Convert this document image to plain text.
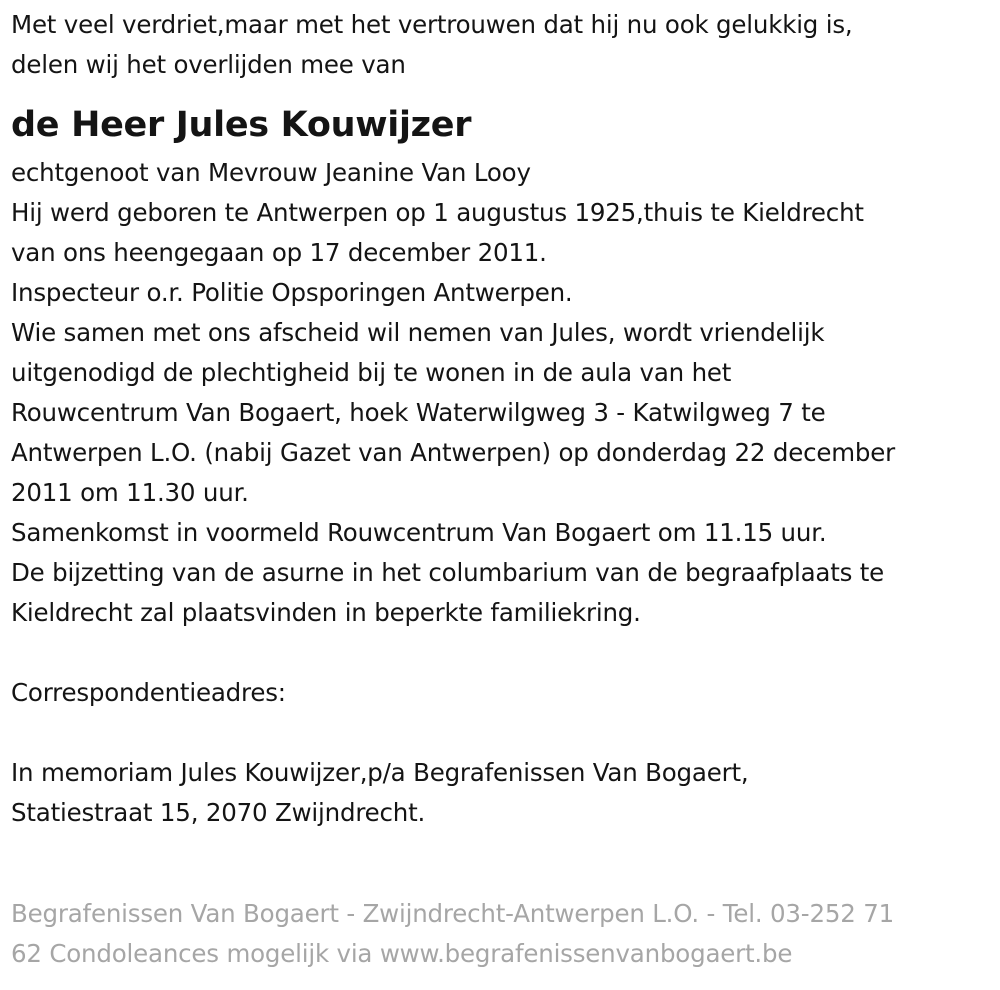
Met veel verdriet,maar met het vertrouwen dat hij nu ook gelukkig is,
delen wij het overlijden mee van
de Heer Jules Kouwijzer
echtgenoot van Mevrouw Jeanine Van Looy
Hij werd geboren te Antwerpen op 1 augustus 1925,thuis te Kieldrecht
van ons heengegaan op 17 december 2011.
Inspecteur o.r. Politie Opsporingen Antwerpen.
Wie samen met ons afscheid wil nemen van Jules, wordt vriendelijk
uitgenodigd de plechtigheid bij te wonen in de aula van het
Rouwcentrum Van Bogaert, hoek Waterwilgweg 3 - Katwilgweg 7 te
Antwerpen L.O. (nabij Gazet van Antwerpen) op donderdag 22 december
2011 om 11.30 uur.
Samenkomst in voormeld Rouwcentrum Van Bogaert om 11.15 uur.
De bijzetting van de asurne in het columbarium van de begraafplaats te
Kieldrecht zal plaatsvinden in beperkte familiekring.
Correspondentieadres:
In memoriam Jules Kouwijzer,p/a Begrafenissen Van Bogaert,
Statiestraat 15, 2070 Zwijndrecht.
Begrafenissen Van Bogaert - Zwijndrecht-Antwerpen L.O. - Tel. 03-252 71
62 Condoleances mogelijk via www.begrafenissenvanbogaert.be
